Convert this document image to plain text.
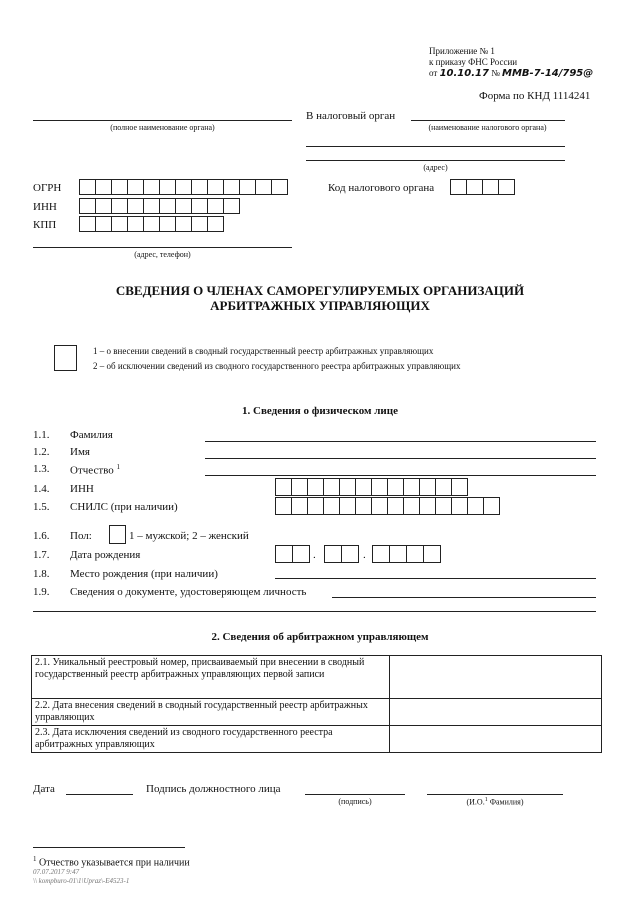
Приложение № 1
к приказу ФНС России
от 10.10.17 № ММВ-7-14/795@
Форма по КНД 1114241
(полное наименование органа)
В налоговый орган
(наименование налогового органа)
(адрес)
ОГРН
ИНН
КПП
(адрес, телефон)
Код налогового органа
СВЕДЕНИЯ О ЧЛЕНАХ САМОРЕГУЛИРУЕМЫХ ОРГАНИЗАЦИЙ
АРБИТРАЖНЫХ УПРАВЛЯЮЩИХ
1 – о внесении сведений в сводный государственный реестр арбитражных управляющих
2 – об исключении сведений из сводного государственного реестра арбитражных управляющих
1. Сведения о физическом лице
1.1. Фамилия
1.2. Имя
1.3. Отчество $^1$
1.4. ИНН
1.5. СНИЛС (при наличии)
1.6. Пол:	1 – мужской; 2 – женский
1.7. Дата рождения	.	.
1.8. Место рождения (при наличии)
1.9. Сведения о документе, удостоверяющем личность
2. Сведения об арбитражном управляющем
2.1. Уникальный реестровый номер, присваиваемый при внесении в сводный государственный реестр арбитражных управляющих первой записи	
2.2. Дата внесения сведений в сводный государственный реестр арбитражных управляющих	
2.3. Дата исключения сведений из сводного государственного реестра арбитражных управляющих	
Дата	Подпись должностного лица
(подпись)	(И.О.$^1$ Фамилия)
$^1$ Отчество указывается при наличии
07.07.2017 9:47
\\ kompburo-01\1\Upraz\-E4523-1
